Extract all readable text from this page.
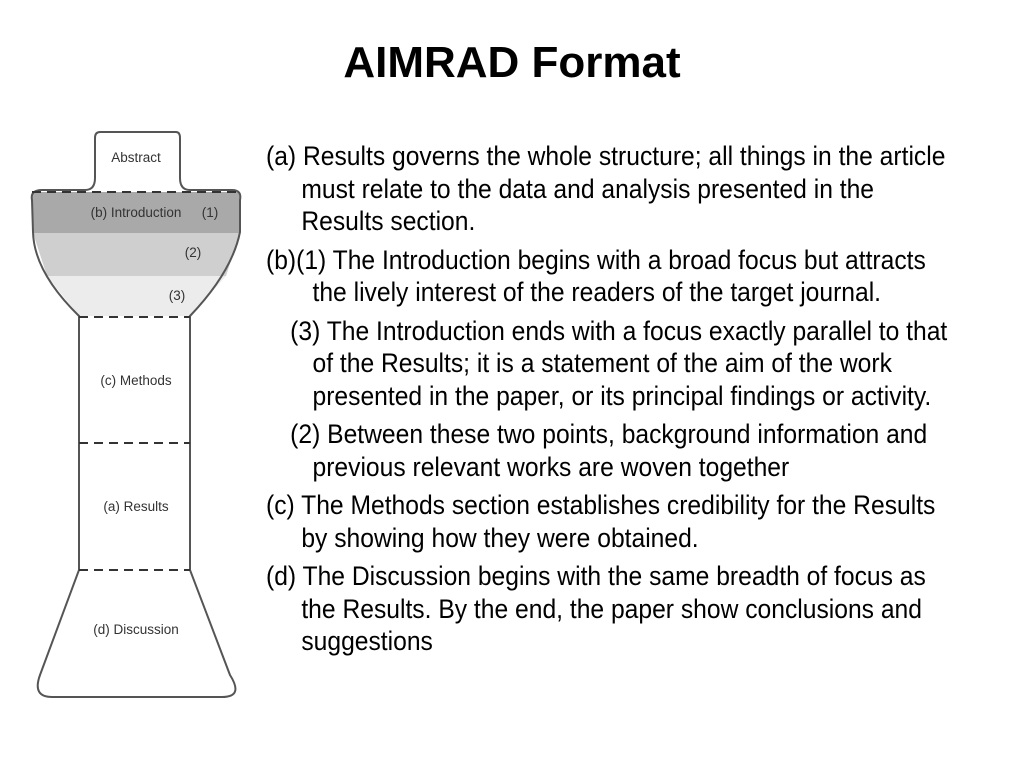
AIMRAD Format
Abstract
(b) Introduction (1)
(2)
(3)
(c) Methods
(a) Results
(d) Discussion

(a) Results governs the whole structure; all things in the article must relate to the data and analysis presented in the Results section.

(b)(1) The Introduction begins with a broad focus but attracts the lively interest of the readers of the target journal.

(3) The Introduction ends with a focus exactly parallel to that of the Results; it is a statement of the aim of the work presented in the paper, or its principal findings or activity.

(2) Between these two points, background information and previous relevant works are woven together

(c) The Methods section establishes credibility for the Results by showing how they were obtained.

(d) The Discussion begins with the same breadth of focus as the Results. By the end, the paper show conclusions and suggestions
